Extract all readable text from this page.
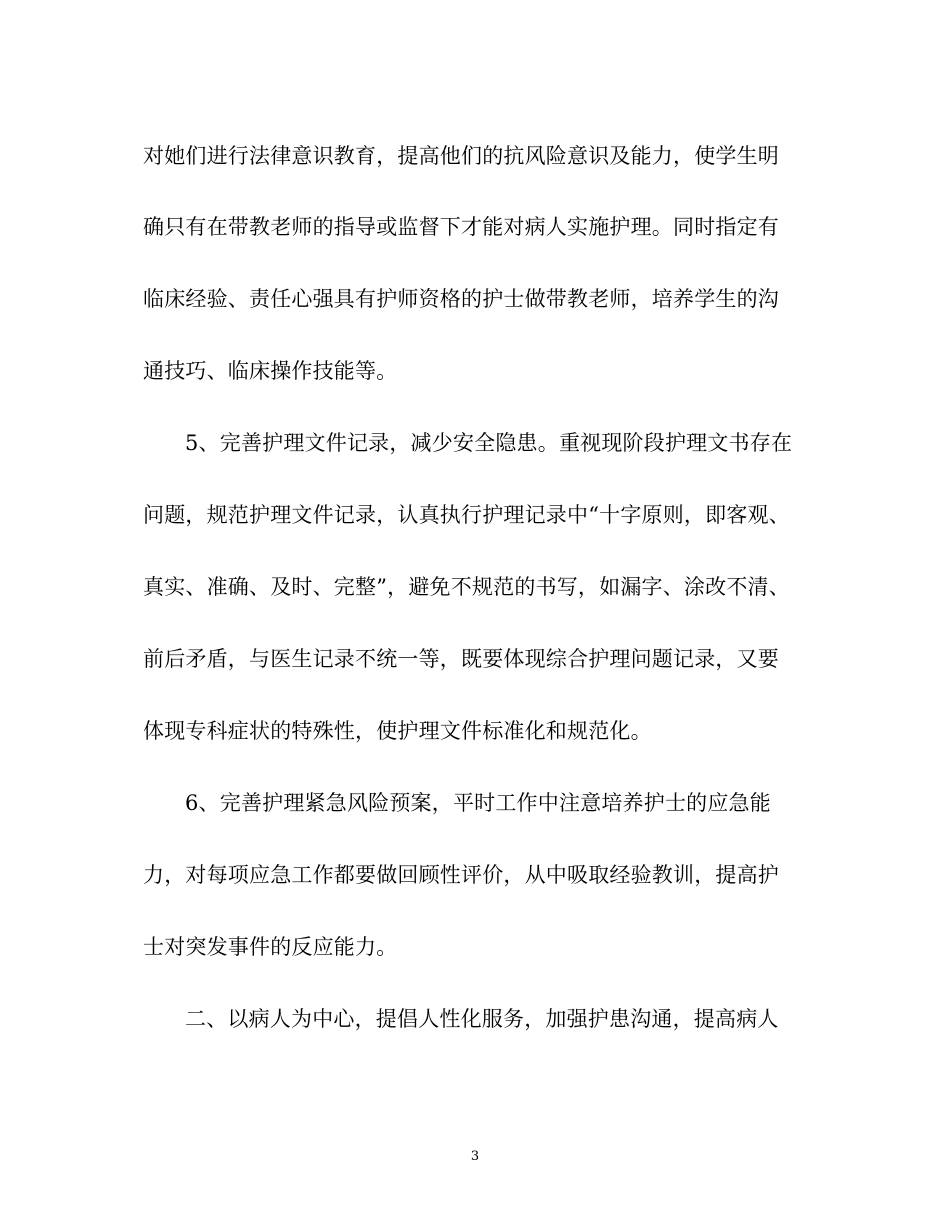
对她们进行法律意识教育，提高他们的抗风险意识及能力，使学生明
确只有在带教老师的指导或监督下才能对病人实施护理。同时指定有
临床经验、责任心强具有护师资格的护士做带教老师，培养学生的沟
通技巧、临床操作技能等。
5、完善护理文件记录，减少安全隐患。重视现阶段护理文书存在
问题，规范护理文件记录，认真执行护理记录中“十字原则，即客观、
真实、准确、及时、完整”，避免不规范的书写，如漏字、涂改不清、
前后矛盾，与医生记录不统一等，既要体现综合护理问题记录，又要
体现专科症状的特殊性，使护理文件标准化和规范化。
6、完善护理紧急风险预案，平时工作中注意培养护士的应急能
力，对每项应急工作都要做回顾性评价，从中吸取经验教训，提高护
士对突发事件的反应能力。
二、以病人为中心，提倡人性化服务，加强护患沟通，提高病人
3
